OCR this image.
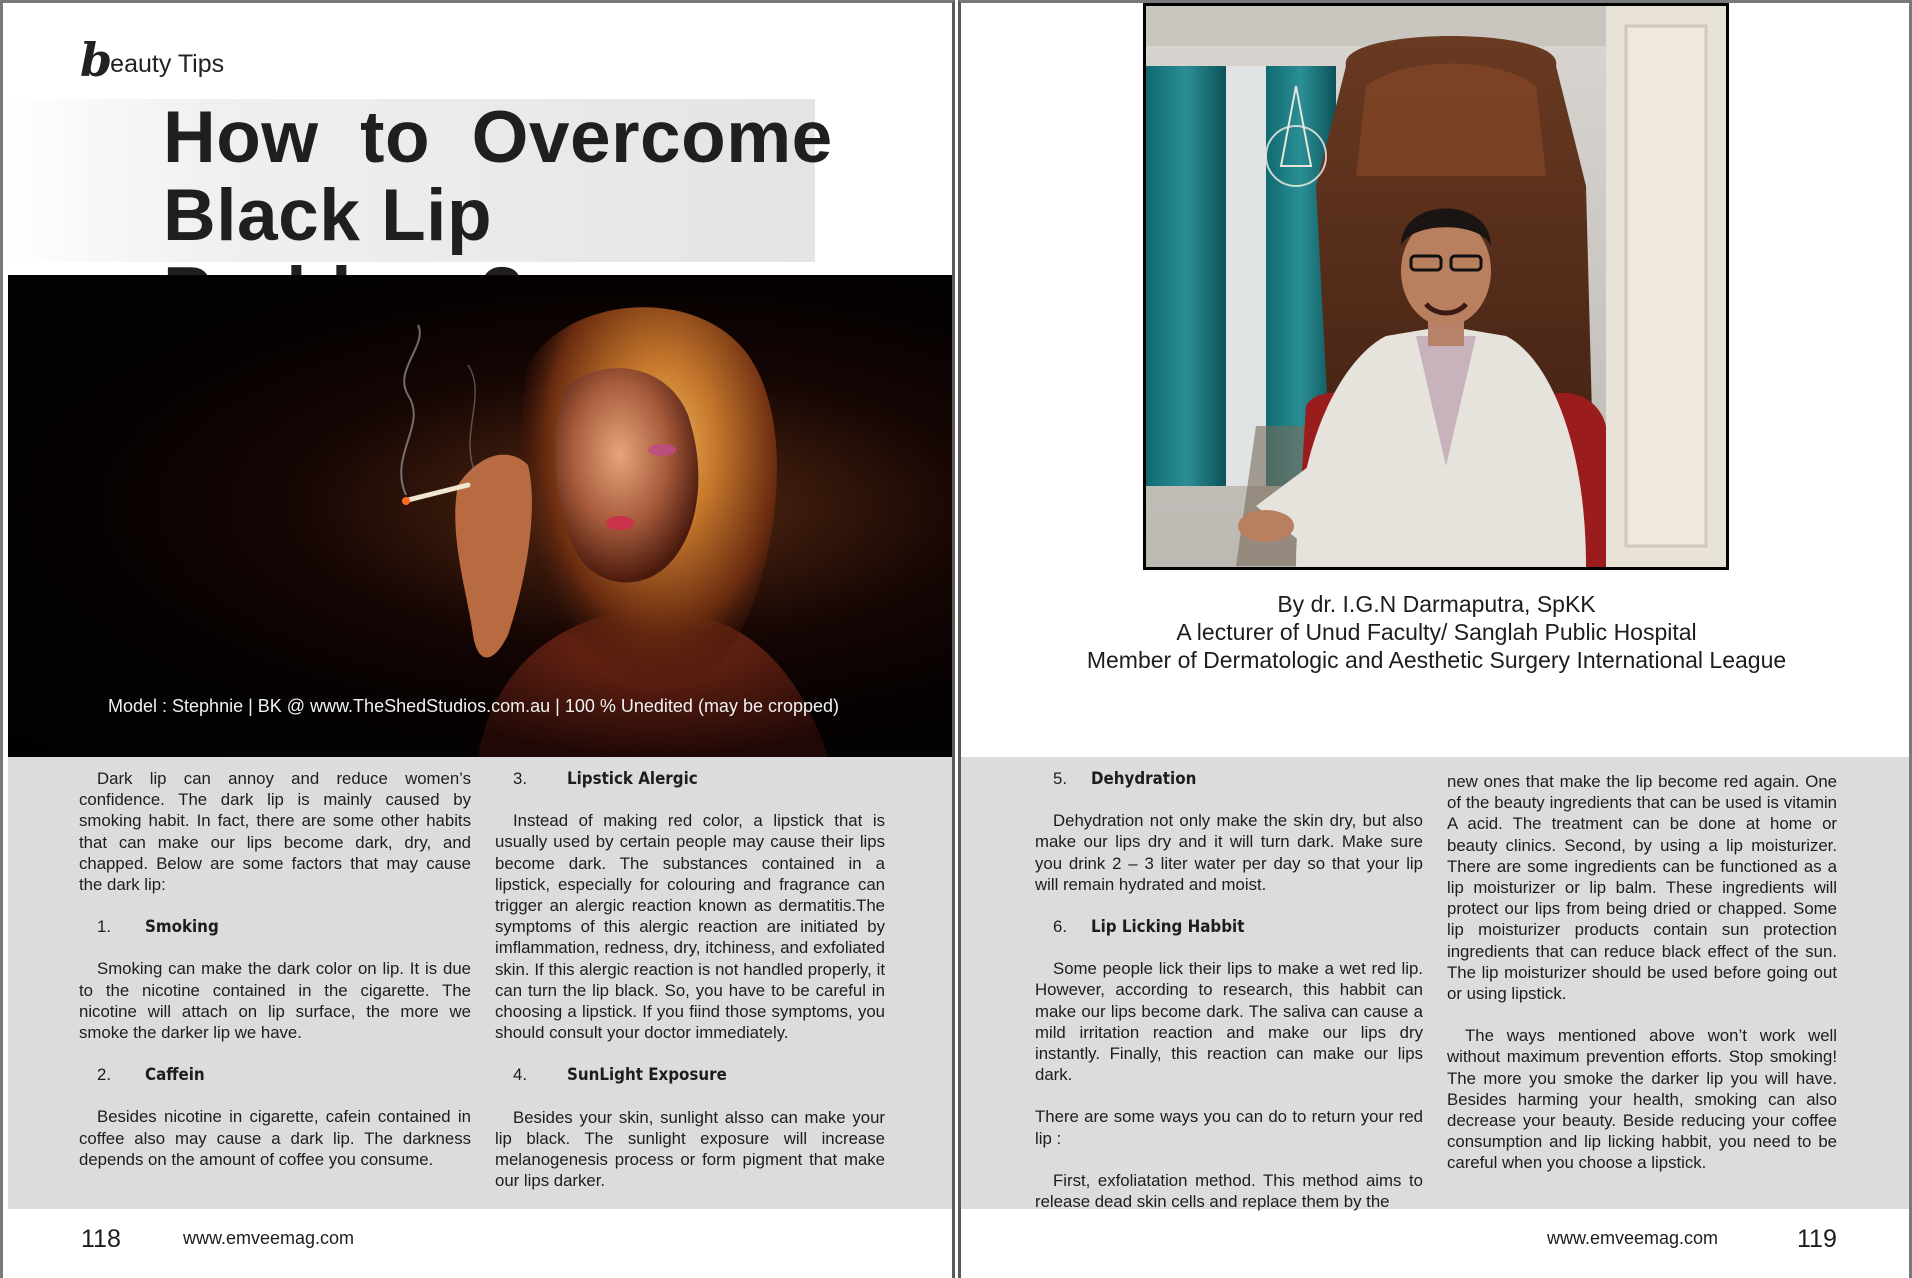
beauty Tips
How  to  Overcome
Black Lip
Model : Stephnie | BK @ www.TheShedStudios.com.au | 100 % Unedited (may be cropped)

Dark lip can annoy and reduce women’s confidence. The dark lip is mainly caused by smoking habit. In fact, there are some other habits that can make our lips become dark, dry, and chapped. Below are some factors that may cause the dark lip:

1. Smoking

Smoking can make the dark color on lip. It is due to the nicotine contained in the cigarette. The nicotine will attach on lip surface, the more we smoke the darker lip we have.

2. Caffein

Besides nicotine in cigarette, cafein contained in coffee also may cause a dark lip. The darkness depends on the amount of coffee you consume.

3. Lipstick Alergic

Instead of making red color, a lipstick that is usually used by certain people may cause their lips become dark. The substances contained in a lipstick, especially for colouring and fragrance can trigger an alergic reaction known as dermatitis.The symptoms of this alergic reaction are initiated by imflammation, redness, dry, itchiness, and exfoliated skin. If this alergic reaction is not handled properly, it can turn the lip black. So, you have to be careful in choosing a lipstick. If you fiind those symptoms, you should consult your doctor immediately.

4. SunLight Exposure

Besides your skin, sunlight alsso can make your lip black. The sunlight exposure will increase melanogenesis process or form pigment that make our lips darker.

118	www.emveemag.com
By dr. I.G.N Darmaputra, SpKK
A lecturer of Unud Faculty/ Sanglah Public Hospital
Member of Dermatologic and Aesthetic Surgery International League
5. Dehydration

Dehydration not only make the skin dry, but also make our lips dry and it will turn dark. Make sure you drink 2 – 3 liter water per day so that your lip will remain hydrated and moist.

6. Lip Licking Habbit

Some people lick their lips to make a wet red lip. However, according to research, this habbit can make our lips become dark. The saliva can cause a mild irritation reaction and make our lips dry instantly. Finally, this reaction can make our lips dark.

There are some ways you can do to return your red lip :

First, exfoliatation method. This method aims to release dead skin cells and replace them by the

new ones that make the lip become red again. One of the beauty ingredients that can be used is vitamin A acid. The treatment can be done at home or beauty clinics. Second, by using a lip moisturizer. There are some ingredients can be functioned as a lip moisturizer or lip balm. These ingredients will protect our lips from being dried or chapped. Some lip moisturizer products contain sun protection ingredients that can reduce black effect of the sun. The lip moisturizer should be used before going out or using lipstick.

The ways mentioned above won’t work well without maximum prevention efforts. Stop smoking! The more you smoke the darker lip you will have. Besides harming your health, smoking can also decrease your beauty. Beside reducing your coffee consumption and lip licking habbit, you need to be careful when you choose a lipstick.

www.emveemag.com	119
